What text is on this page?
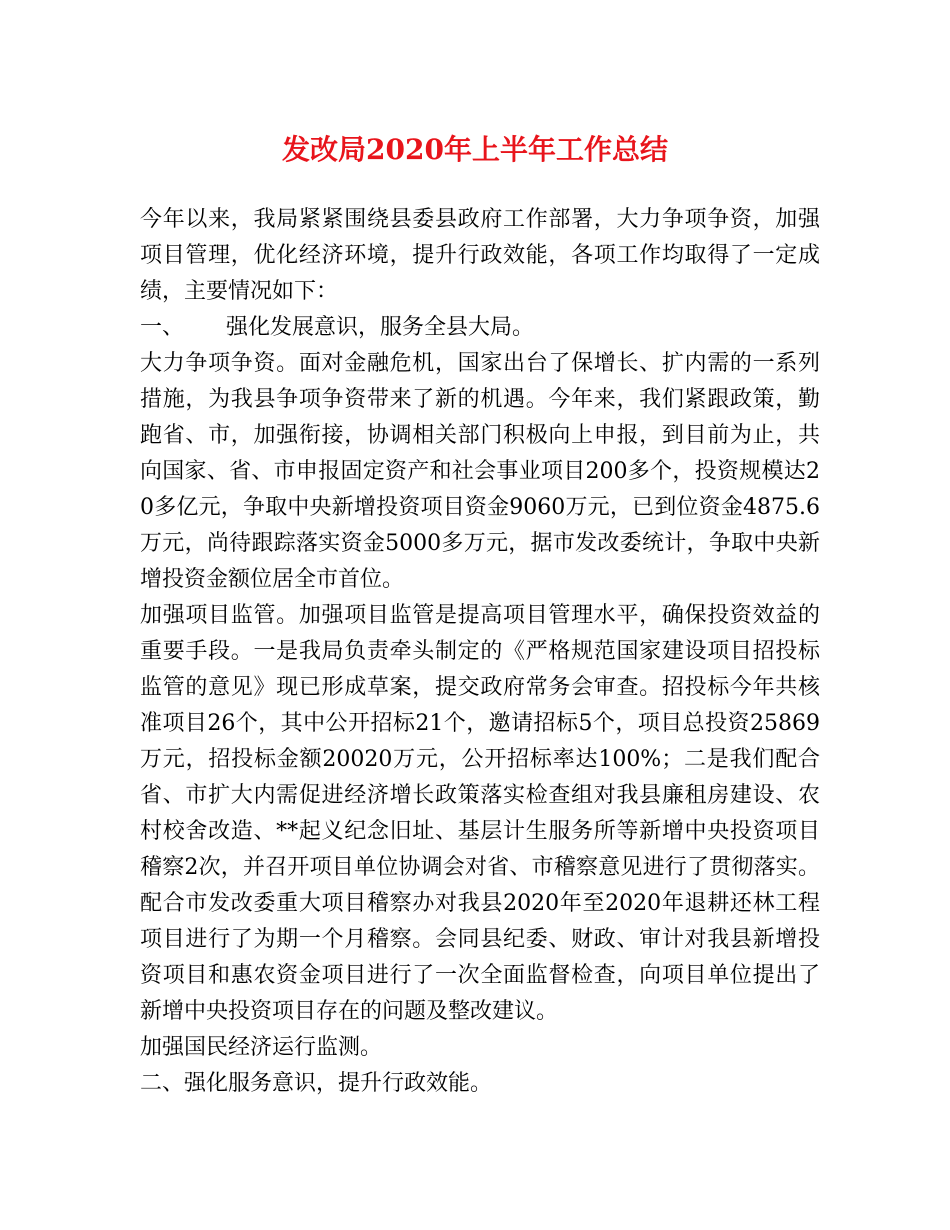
发改局2020年上半年工作总结

今年以来，我局紧紧围绕县委县政府工作部署，大力争项争资，加强项目管理，优化经济环境，提升行政效能，各项工作均取得了一定成绩，主要情况如下：

一、      强化发展意识，服务全县大局。

大力争项争资。面对金融危机，国家出台了保增长、扩内需的一系列措施，为我县争项争资带来了新的机遇。今年来，我们紧跟政策，勤跑省、市，加强衔接，协调相关部门积极向上申报，到目前为止，共向国家、省、市申报固定资产和社会事业项目200多个，投资规模达20多亿元，争取中央新增投资项目资金9060万元，已到位资金4875.6万元，尚待跟踪落实资金5000多万元，据市发改委统计，争取中央新增投资金额位居全市首位。

加强项目监管。加强项目监管是提高项目管理水平，确保投资效益的重要手段。一是我局负责牵头制定的《严格规范国家建设项目招投标监管的意见》现已形成草案，提交政府常务会审查。招投标今年共核准项目26个，其中公开招标21个，邀请招标5个，项目总投资25869万元，招投标金额20020万元，公开招标率达100%；二是我们配合省、市扩大内需促进经济增长政策落实检查组对我县廉租房建设、农村校舍改造、**起义纪念旧址、基层计生服务所等新增中央投资项目稽察2次，并召开项目单位协调会对省、市稽察意见进行了贯彻落实。配合市发改委重大项目稽察办对我县2020年至2020年退耕还林工程项目进行了为期一个月稽察。会同县纪委、财政、审计对我县新增投资项目和惠农资金项目进行了一次全面监督检查，向项目单位提出了新增中央投资项目存在的问题及整改建议。

加强国民经济运行监测。

二、强化服务意识，提升行政效能。
